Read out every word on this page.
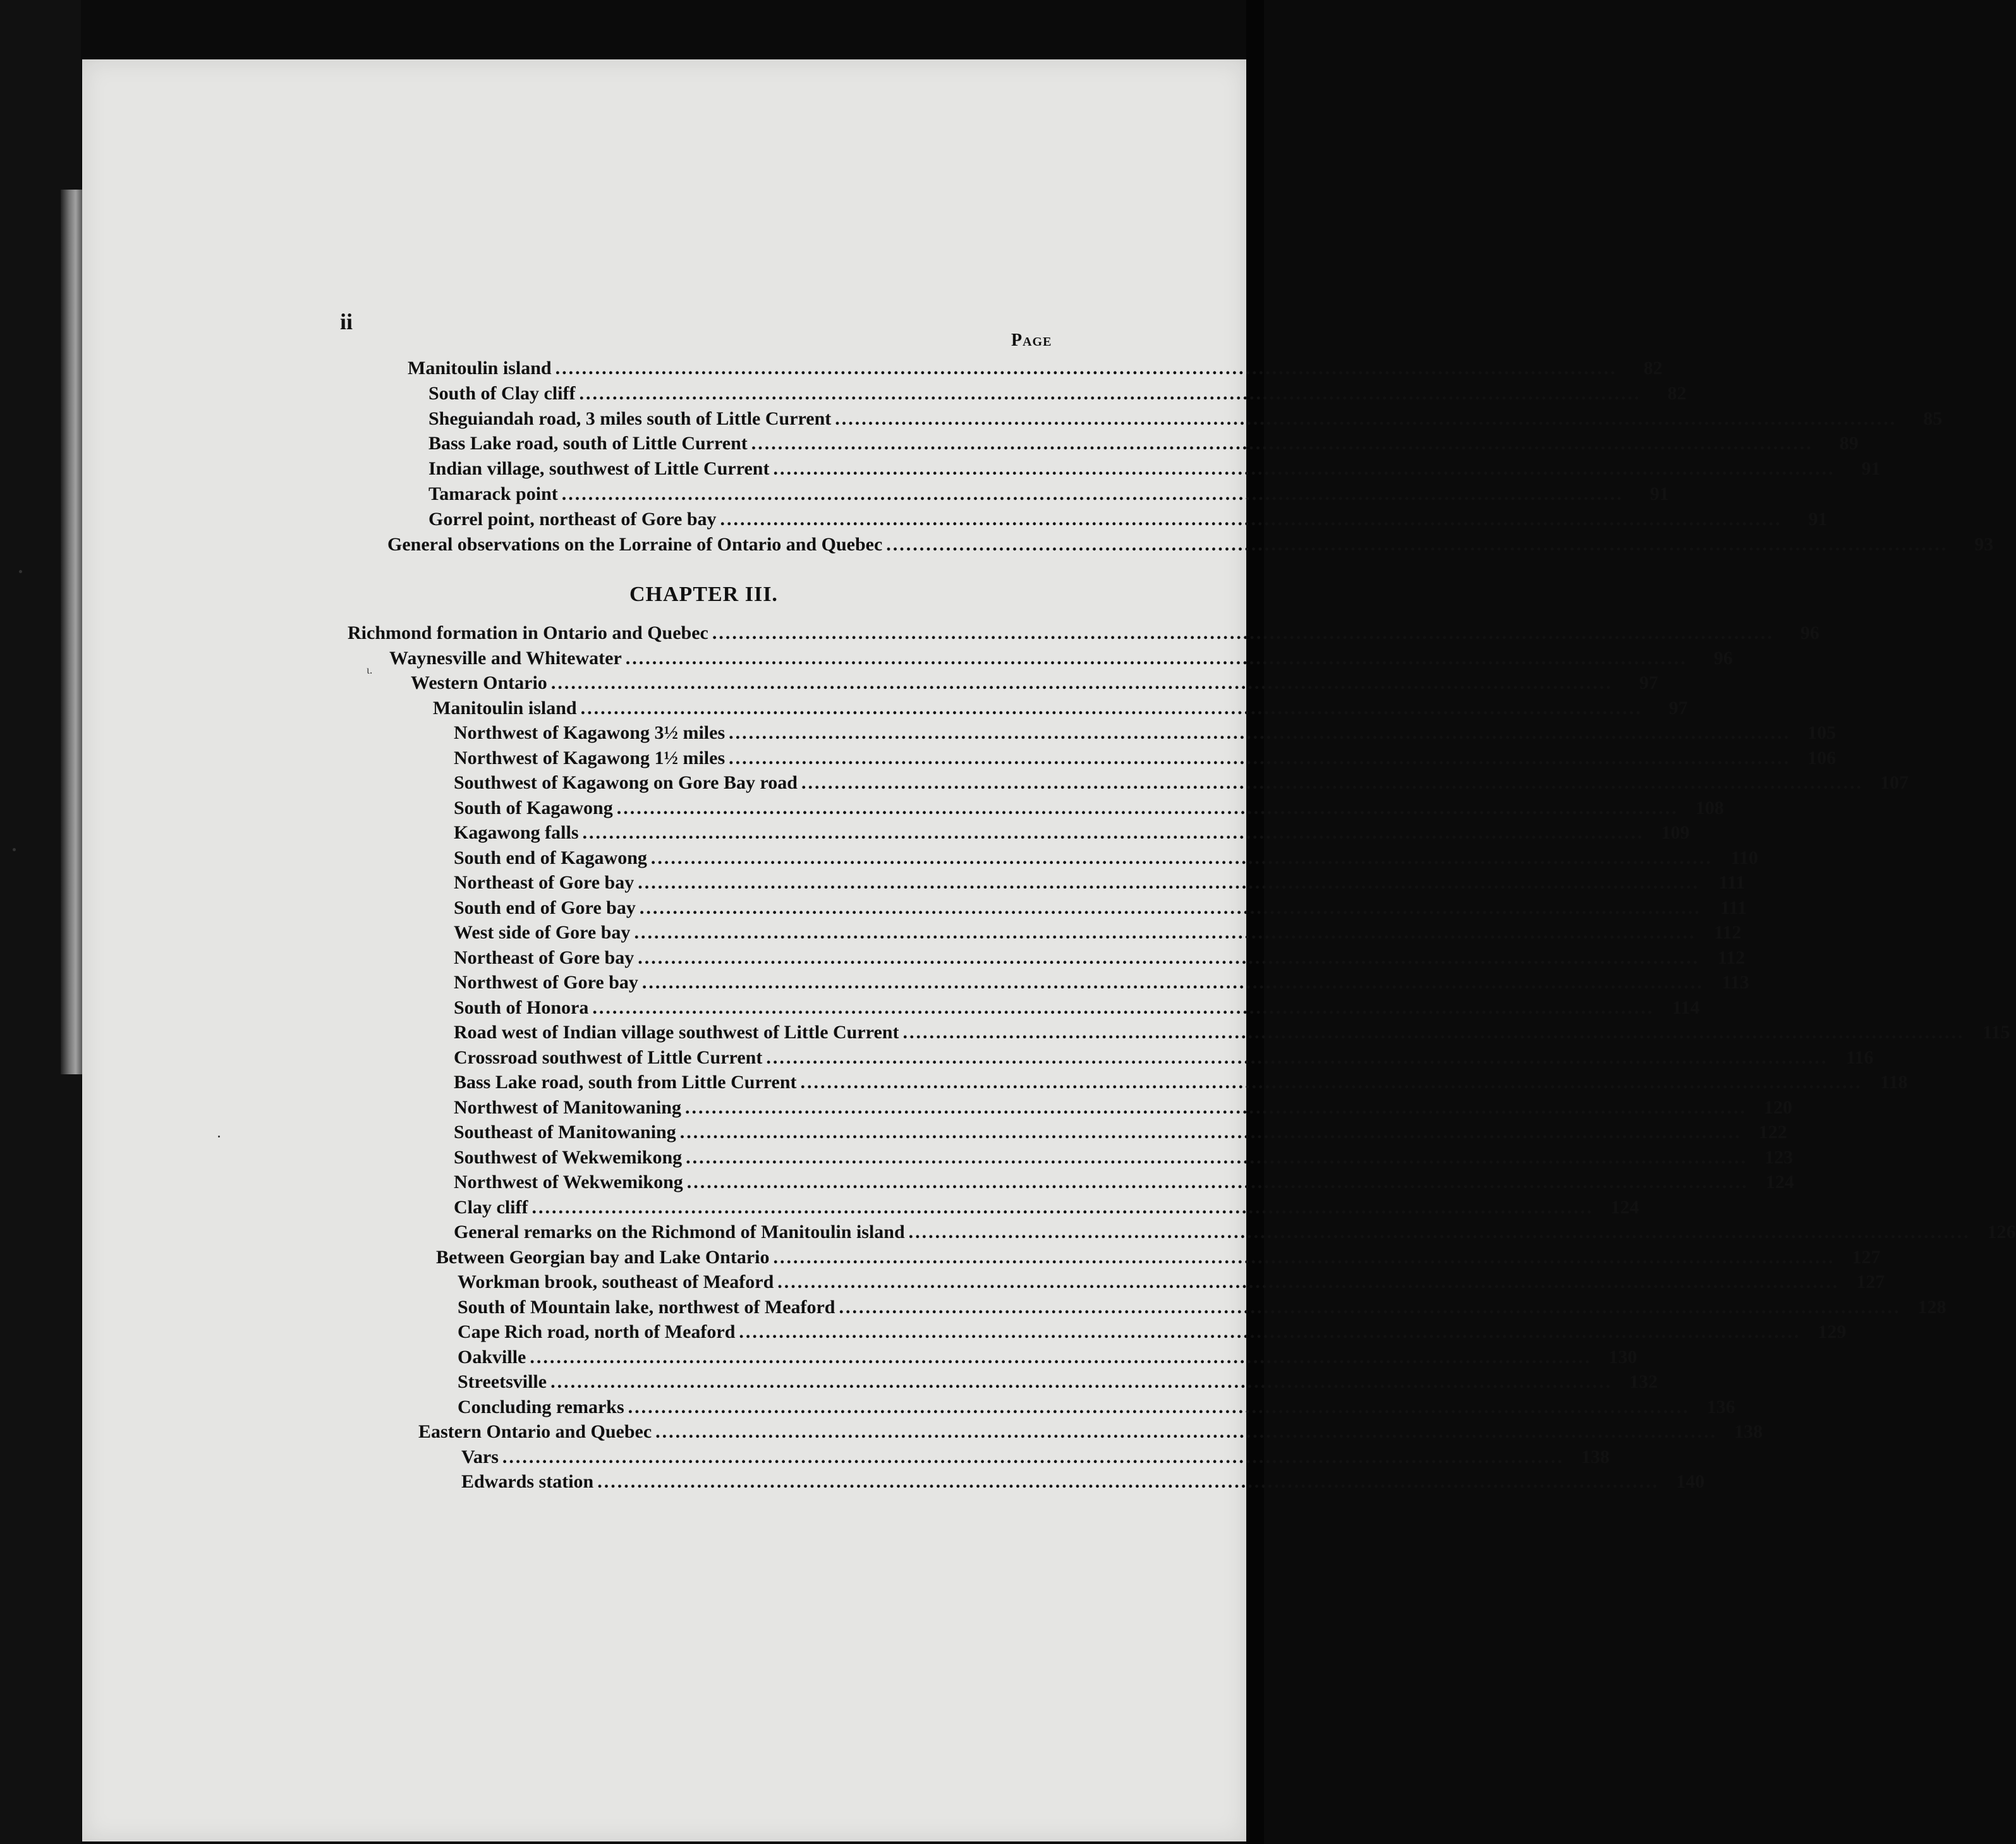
ii
Page
CHAPTER III.
ι.
Manitoulin island ................................................................................................................................................................	82
South of Clay cliff ................................................................................................................................................................	82
Sheguiandah road, 3 miles south of Little Current ................................................................................................................................................................	85
Bass Lake road, south of Little Current ................................................................................................................................................................	89
Indian village, southwest of Little Current ................................................................................................................................................................	91
Tamarack point ................................................................................................................................................................	91
Gorrel point, northeast of Gore bay ................................................................................................................................................................	91
General observations on the Lorraine of Ontario and Quebec ................................................................................................................................................................	93
Richmond formation in Ontario and Quebec ................................................................................................................................................................	96
Waynesville and Whitewater ................................................................................................................................................................	96
Western Ontario ................................................................................................................................................................	97
Manitoulin island ................................................................................................................................................................	97
Northwest of Kagawong 3½ miles ................................................................................................................................................................ 105
Northwest of Kagawong 1½ miles ................................................................................................................................................................ 106
Southwest of Kagawong on Gore Bay road ................................................................................................................................................................ 107
South of Kagawong ................................................................................................................................................................ 108
Kagawong falls ................................................................................................................................................................ 109
South end of Kagawong ................................................................................................................................................................ 110
Northeast of Gore bay ................................................................................................................................................................	111
South end of Gore bay ................................................................................................................................................................	111
West side of Gore bay ................................................................................................................................................................ 112
Northeast of Gore bay ................................................................................................................................................................ 112
Northwest of Gore bay ................................................................................................................................................................ 113
South of Honora ................................................................................................................................................................ 114
Road west of Indian village southwest of Little Current ................................................................................................................................................................ 115
Crossroad southwest of Little Current ................................................................................................................................................................ 116
Bass Lake road, south from Little Current ................................................................................................................................................................ 118
Northwest of Manitowaning ................................................................................................................................................................ 120
Southeast of Manitowaning ................................................................................................................................................................ 122
Southwest of Wekwemikong ................................................................................................................................................................ 123
Northwest of Wekwemikong ................................................................................................................................................................ 124
Clay cliff ................................................................................................................................................................ 124
General remarks on the Richmond of Manitoulin island ................................................................................................................................................................ 126
Between Georgian bay and Lake Ontario ................................................................................................................................................................ 127
Workman brook, southeast of Meaford ................................................................................................................................................................ 127
South of Mountain lake, northwest of Meaford ................................................................................................................................................................ 128
Cape Rich road, north of Meaford ................................................................................................................................................................ 129
Oakville ................................................................................................................................................................ 130
Streetsville ................................................................................................................................................................ 132
Concluding remarks ................................................................................................................................................................ 136
Eastern Ontario and Quebec ................................................................................................................................................................ 138
Vars ................................................................................................................................................................ 138
Edwards station ................................................................................................................................................................ 140
